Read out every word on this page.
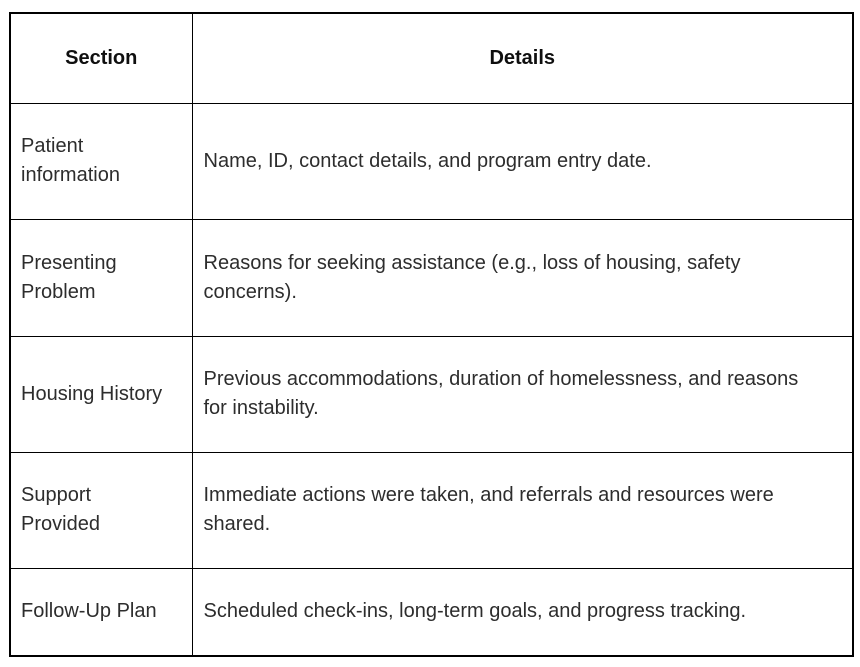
Section	Details
Patient information	Name, ID, contact details, and program entry date.
Presenting Problem	Reasons for seeking assistance (e.g., loss of housing, safety concerns).
Housing History	Previous accommodations, duration of homelessness, and reasons for instability.
Support Provided	Immediate actions were taken, and referrals and resources were shared.
Follow-Up Plan	Scheduled check-ins, long-term goals, and progress tracking.
